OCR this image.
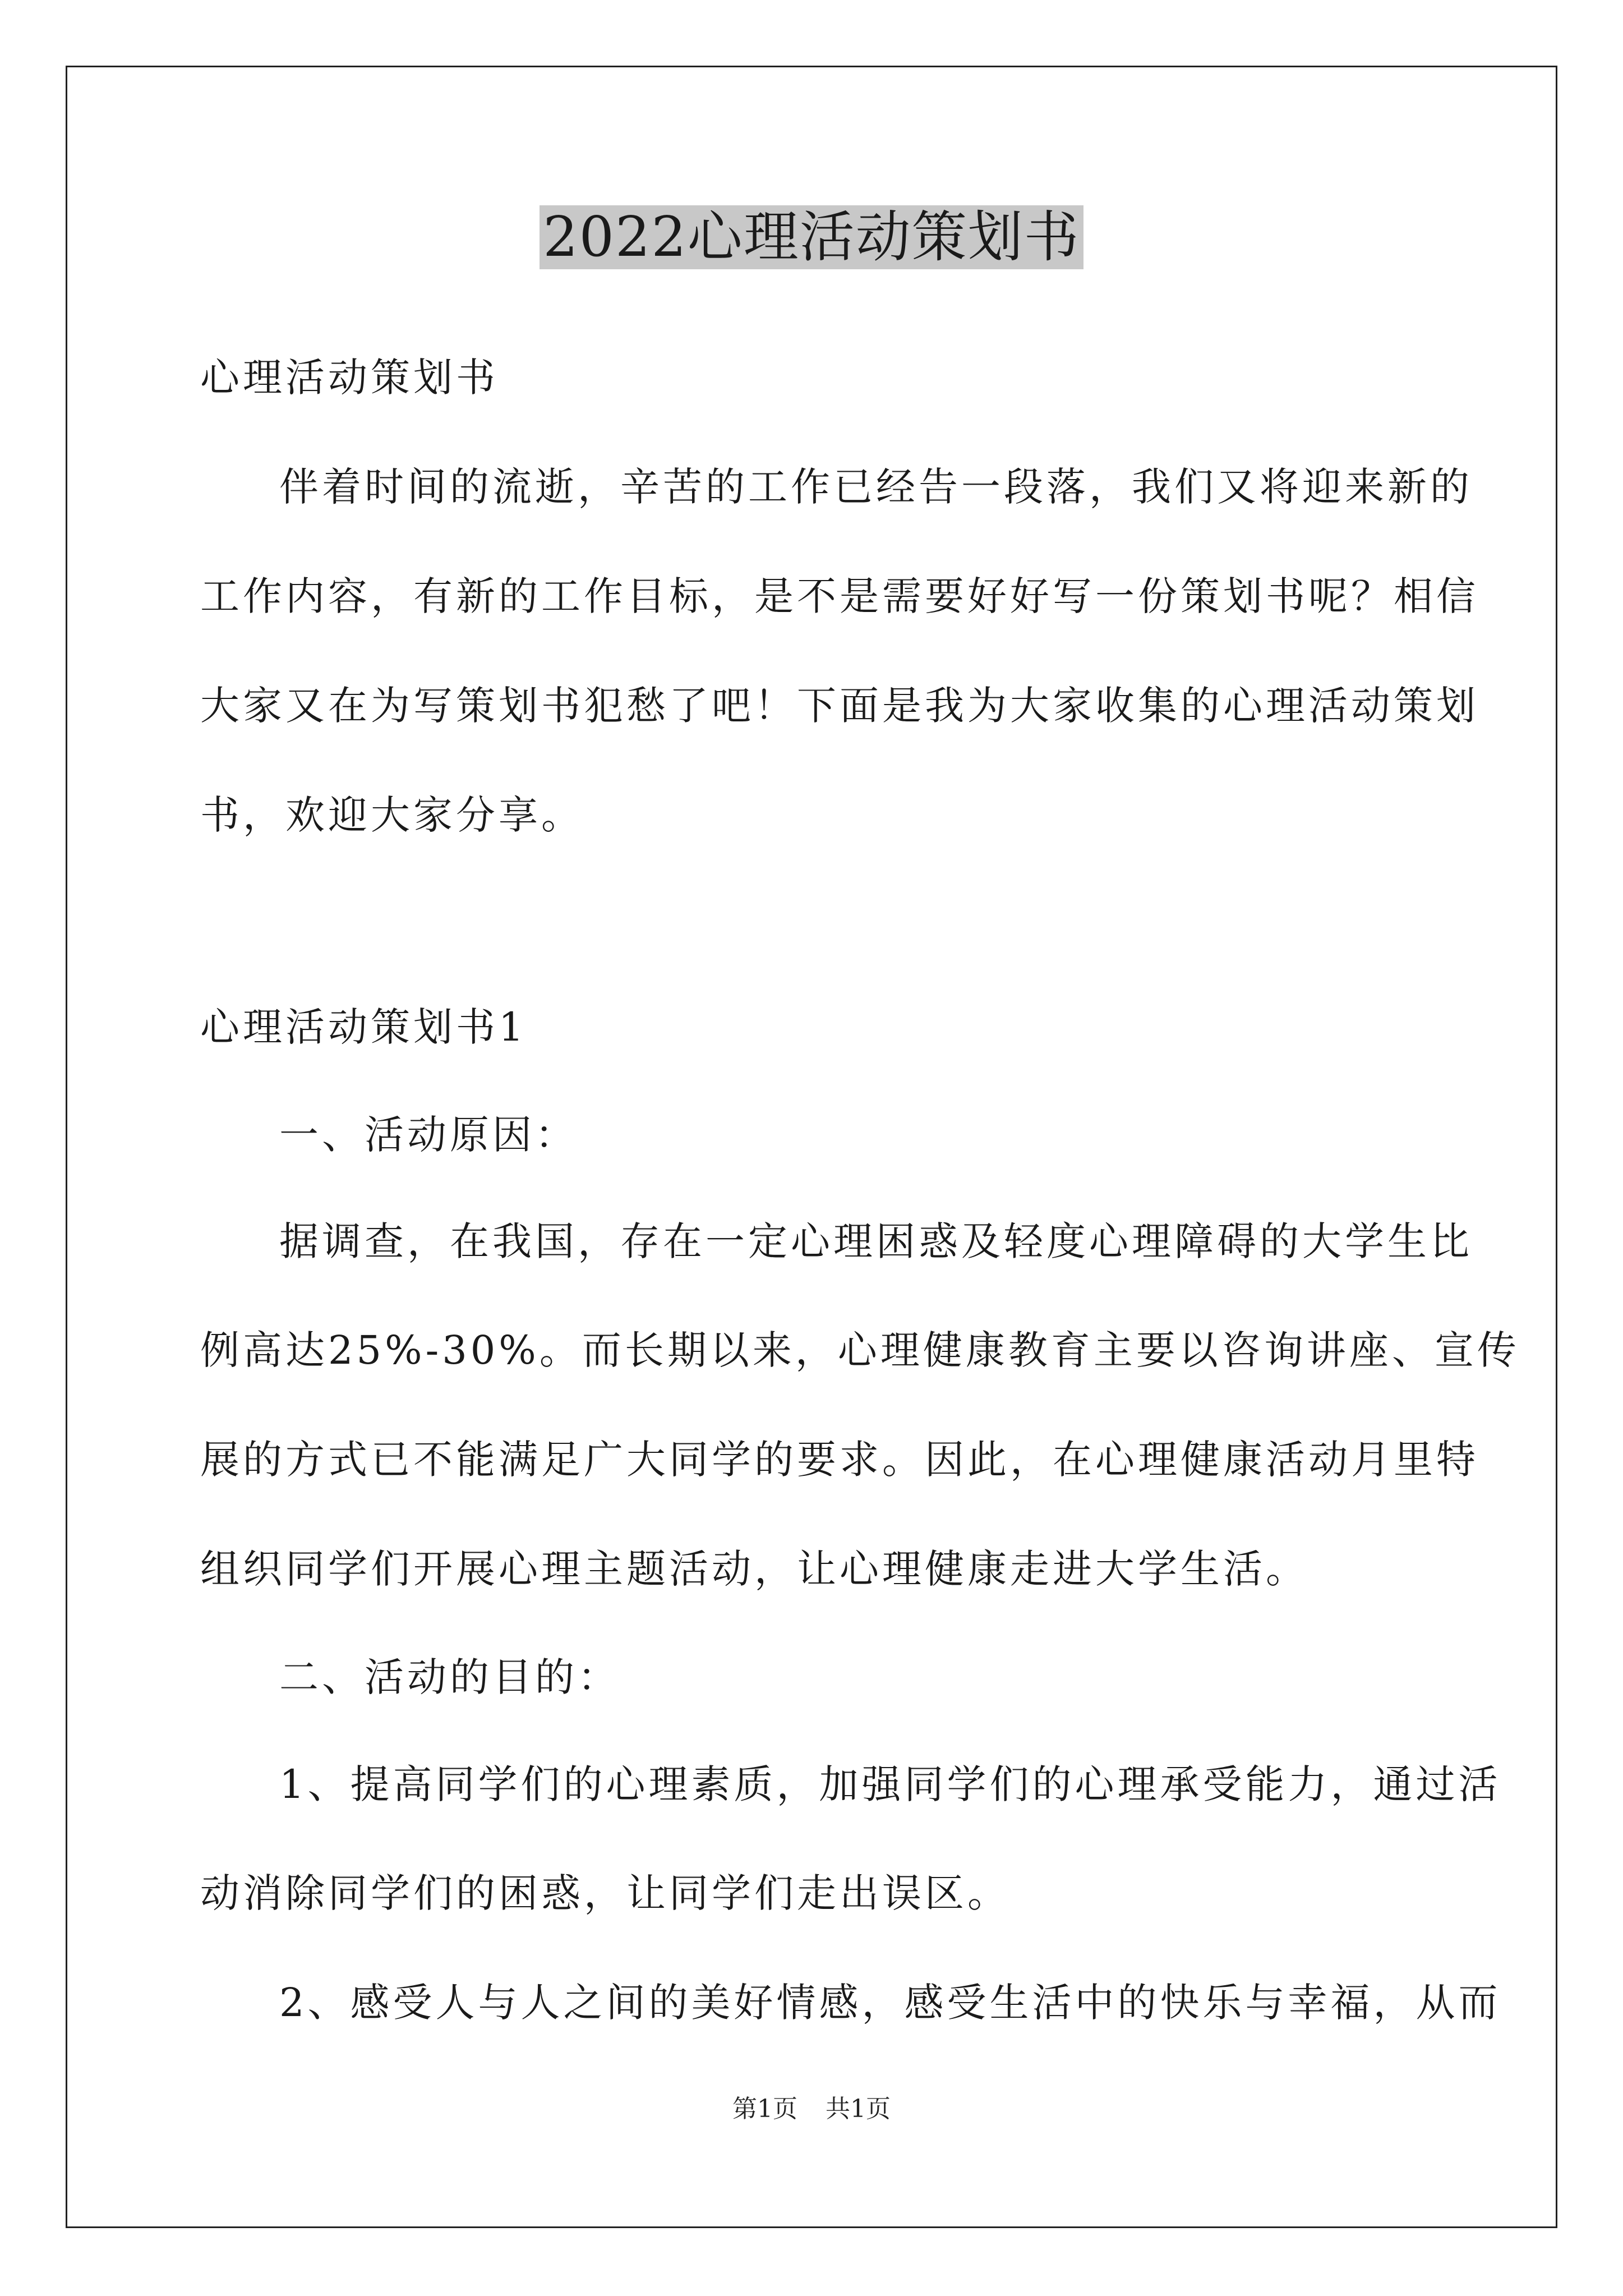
2022心理活动策划书
心理活动策划书
伴着时间的流逝，辛苦的工作已经告一段落，我们又将迎来新的
工作内容，有新的工作目标，是不是需要好好写一份策划书呢？相信
大家又在为写策划书犯愁了吧！下面是我为大家收集的心理活动策划
书，欢迎大家分享。
心理活动策划书1
一、活动原因：
据调查，在我国，存在一定心理困惑及轻度心理障碍的大学生比
例高达25%-30%。而长期以来，心理健康教育主要以咨询讲座、宣传
展的方式已不能满足广大同学的要求。因此，在心理健康活动月里特
组织同学们开展心理主题活动，让心理健康走进大学生活。
二、活动的目的：
1、提高同学们的心理素质，加强同学们的心理承受能力，通过活
动消除同学们的困惑，让同学们走出误区。
2、感受人与人之间的美好情感，感受生活中的快乐与幸福，从而
第1页 共1页
